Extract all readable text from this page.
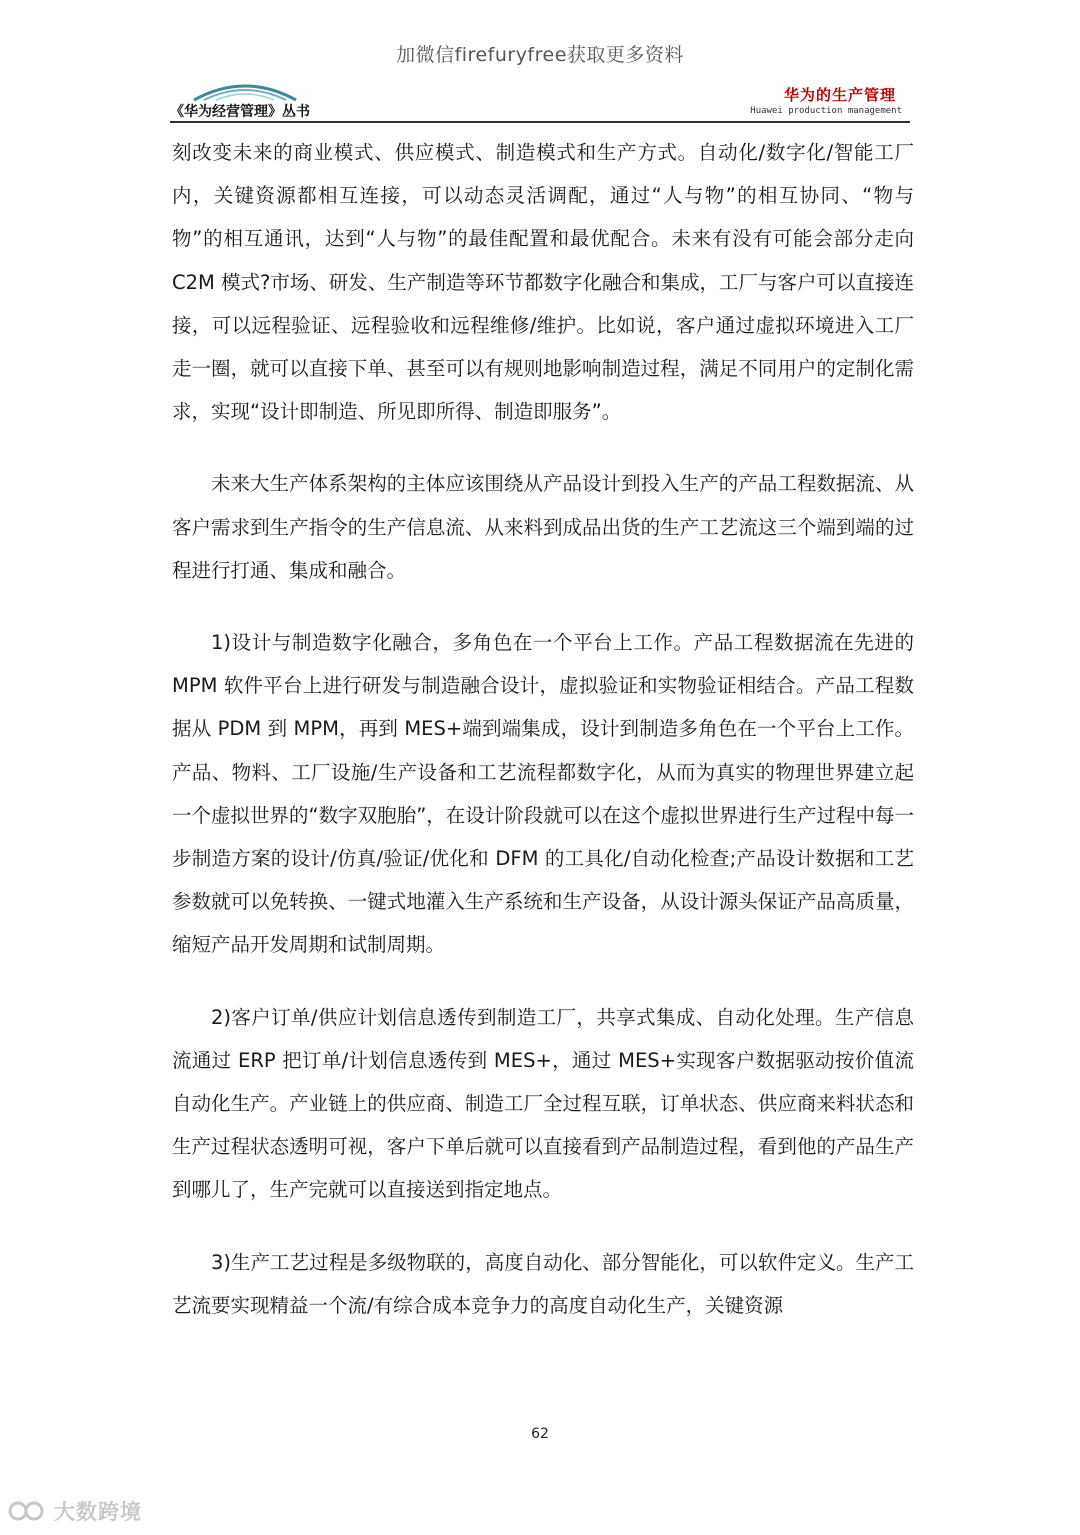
加微信firefuryfree获取更多资料
《华为经营管理》丛书
华为的生产管理
Huawei production management

刻改变未来的商业模式、供应模式、制造模式和生产方式。自动化/数字化/智能工厂内，关键资源都相互连接，可以动态灵活调配，通过“人与物”的相互协同、“物与物”的相互通讯，达到“人与物”的最佳配置和最优配合。未来有没有可能会部分走向 C2M 模式?市场、研发、生产制造等环节都数字化融合和集成，工厂与客户可以直接连接，可以远程验证、远程验收和远程维修/维护。比如说，客户通过虚拟环境进入工厂走一圈，就可以直接下单、甚至可以有规则地影响制造过程，满足不同用户的定制化需求，实现“设计即制造、所见即所得、制造即服务”。

未来大生产体系架构的主体应该围绕从产品设计到投入生产的产品工程数据流、从客户需求到生产指令的生产信息流、从来料到成品出货的生产工艺流这三个端到端的过程进行打通、集成和融合。

1)设计与制造数字化融合，多角色在一个平台上工作。产品工程数据流在先进的 MPM 软件平台上进行研发与制造融合设计，虚拟验证和实物验证相结合。产品工程数据从 PDM 到 MPM，再到 MES+端到端集成，设计到制造多角色在一个平台上工作。产品、物料、工厂设施/生产设备和工艺流程都数字化，从而为真实的物理世界建立起一个虚拟世界的“数字双胞胎”，在设计阶段就可以在这个虚拟世界进行生产过程中每一步制造方案的设计/仿真/验证/优化和 DFM 的工具化/自动化检查;产品设计数据和工艺参数就可以免转换、一键式地灌入生产系统和生产设备，从设计源头保证产品高质量，缩短产品开发周期和试制周期。

2)客户订单/供应计划信息透传到制造工厂，共享式集成、自动化处理。生产信息流通过 ERP 把订单/计划信息透传到 MES+，通过 MES+实现客户数据驱动按价值流自动化生产。产业链上的供应商、制造工厂全过程互联，订单状态、供应商来料状态和生产过程状态透明可视，客户下单后就可以直接看到产品制造过程，看到他的产品生产到哪儿了，生产完就可以直接送到指定地点。

3)生产工艺过程是多级物联的，高度自动化、部分智能化，可以软件定义。生产工艺流要实现精益一个流/有综合成本竞争力的高度自动化生产，关键资源

62
大数跨境
